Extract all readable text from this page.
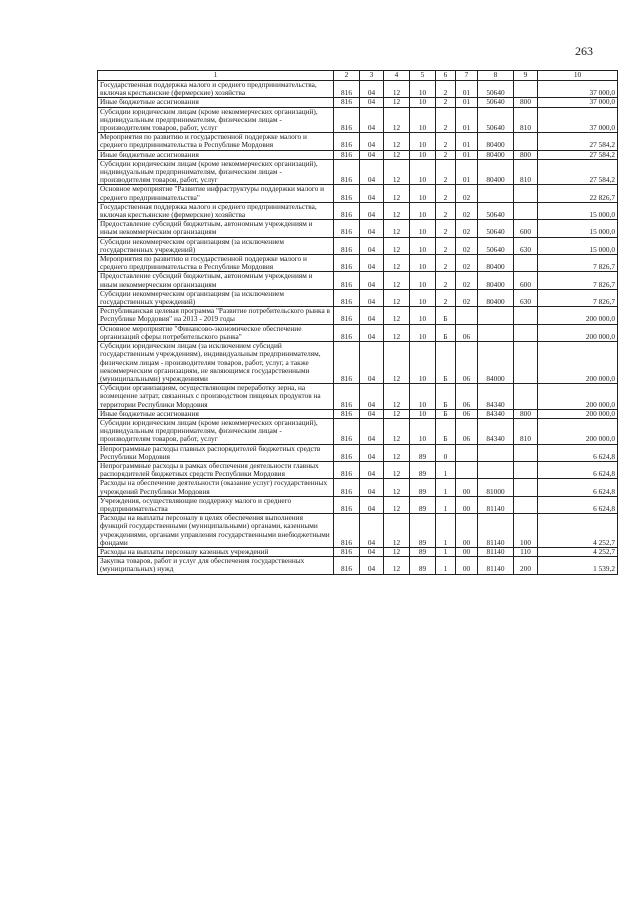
263
1	2	3	4	5	6	7	8	9	10
Государственная поддержка малого и среднего предпринимательства, включая крестьянские (фермерские) хозяйства	816	04	12	10	2	01	50640		37 000,0
Иные бюджетные ассигнования	816	04	12	10	2	01	50640	800	37 000,0
Субсидии юридическим лицам (кроме некоммерческих организаций), индивидуальным предпринимателям, физическим лицам - производителям товаров, работ, услуг	816	04	12	10	2	01	50640	810	37 000,0
Мероприятия по развитию и государственной поддержке малого и среднего предпринимательства в Республике Мордовия	816	04	12	10	2	01	80400		27 584,2
Иные бюджетные ассигнования	816	04	12	10	2	01	80400	800	27 584,2
Субсидии юридическим лицам (кроме некоммерческих организаций), индивидуальным предпринимателям, физическим лицам - производителям товаров, работ, услуг	816	04	12	10	2	01	80400	810	27 584,2
Основное мероприятие "Развитие инфраструктуры поддержки малого и среднего предпринимательства"	816	04	12	10	2	02			22 826,7
Государственная поддержка малого и среднего предпринимательства, включая крестьянские (фермерские) хозяйства	816	04	12	10	2	02	50640		15 000,0
Предоставление субсидий бюджетным, автономным учреждениям и иным некоммерческим организациям	816	04	12	10	2	02	50640	600	15 000,0
Субсидии некоммерческим организациям (за исключением государственных учреждений)	816	04	12	10	2	02	50640	630	15 000,0
Мероприятия по развитию и государственной поддержке малого и среднего предпринимательства в Республике Мордовия	816	04	12	10	2	02	80400		7 826,7
Предоставление субсидий бюджетным, автономным учреждениям и иным некоммерческим организациям	816	04	12	10	2	02	80400	600	7 826,7
Субсидии некоммерческим организациям (за исключением государственных учреждений)	816	04	12	10	2	02	80400	630	7 826,7
Республиканская целевая программа "Развитие потребительского рынка в Республике Мордовия" на 2013 - 2019 годы	816	04	12	10	Б				200 000,0
Основное мероприятие "Финансово-экономическое обеспечение организаций сферы потребительского рынка"	816	04	12	10	Б	06			200 000,0
Субсидии юридическим лицам (за исключением субсидий государственным учреждениям), индивидуальным предпринимателям, физическим лицам - производителям товаров, работ, услуг, а также некоммерческим организациям, не являющимся государственными (муниципальными) учреждениями	816	04	12	10	Б	06	84000		200 000,0
Субсидии организациям, осуществляющим переработку зерна, на возмещение затрат, связанных с производством пищевых продуктов на территории Республики Мордовия	816	04	12	10	Б	06	84340		200 000,0
Иные бюджетные ассигнования	816	04	12	10	Б	06	84340	800	200 000,0
Субсидии юридическим лицам (кроме некоммерческих организаций), индивидуальным предпринимателям, физическим лицам - производителям товаров, работ, услуг	816	04	12	10	Б	06	84340	810	200 000,0
Непрограммные расходы главных распорядителей бюджетных средств Республики Мордовия	816	04	12	89	0				6 624,8
Непрограммные расходы в рамках обеспечения деятельности главных распорядителей бюджетных средств Республики Мордовия	816	04	12	89	1				6 624,8
Расходы на обеспечение деятельности (оказание услуг) государственных учреждений Республики Мордовия	816	04	12	89	1	00	81000		6 624,8
Учреждения, осуществляющие поддержку малого и среднего предпринимательства	816	04	12	89	1	00	81140		6 624,8
Расходы на выплаты персоналу в целях обеспечения выполнения функций государственными (муниципальными) органами, казенными учреждениями, органами управления государственными внебюджетными фондами	816	04	12	89	1	00	81140	100	4 252,7
Расходы на выплаты персоналу казенных учреждений	816	04	12	89	1	00	81140	110	4 252,7
Закупка товаров, работ и услуг для обеспечения государственных (муниципальных) нужд	816	04	12	89	1	00	81140	200	1 539,2
